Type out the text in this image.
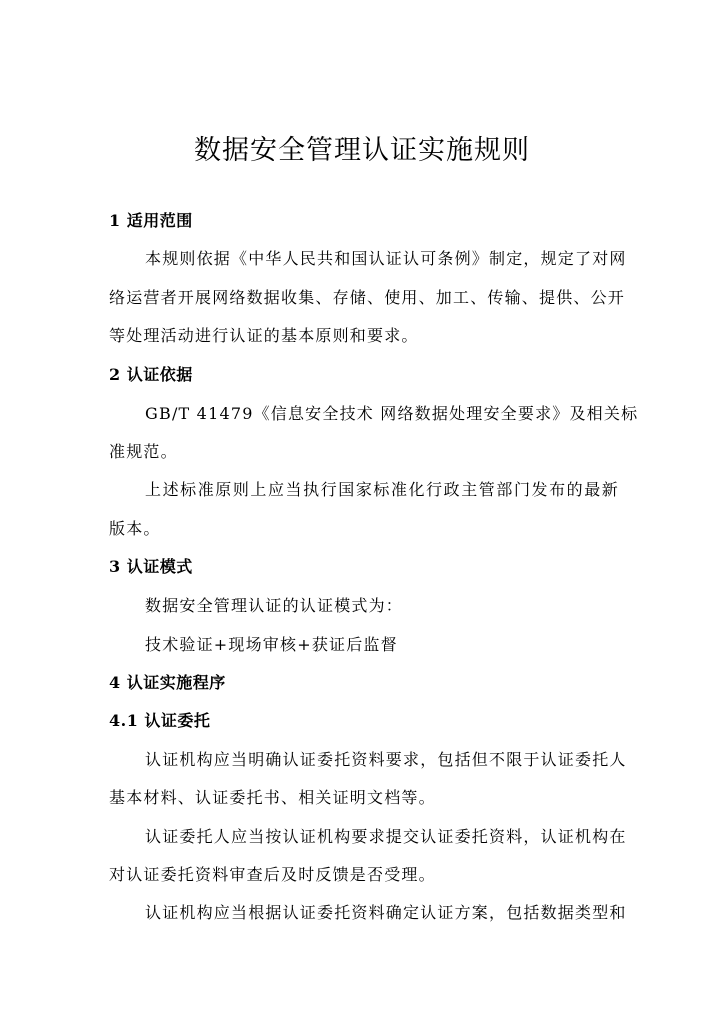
数据安全管理认证实施规则
1 适用范围
本规则依据《中华人民共和国认证认可条例》制定，规定了对网
络运营者开展网络数据收集、存储、使用、加工、传输、提供、公开
等处理活动进行认证的基本原则和要求。
2 认证依据
GB/T 41479《信息安全技术 网络数据处理安全要求》及相关标
准规范。
上述标准原则上应当执行国家标准化行政主管部门发布的最新
版本。
3 认证模式
数据安全管理认证的认证模式为：
技术验证+现场审核+获证后监督
4 认证实施程序
4.1 认证委托
认证机构应当明确认证委托资料要求，包括但不限于认证委托人
基本材料、认证委托书、相关证明文档等。
认证委托人应当按认证机构要求提交认证委托资料，认证机构在
对认证委托资料审查后及时反馈是否受理。
认证机构应当根据认证委托资料确定认证方案，包括数据类型和
